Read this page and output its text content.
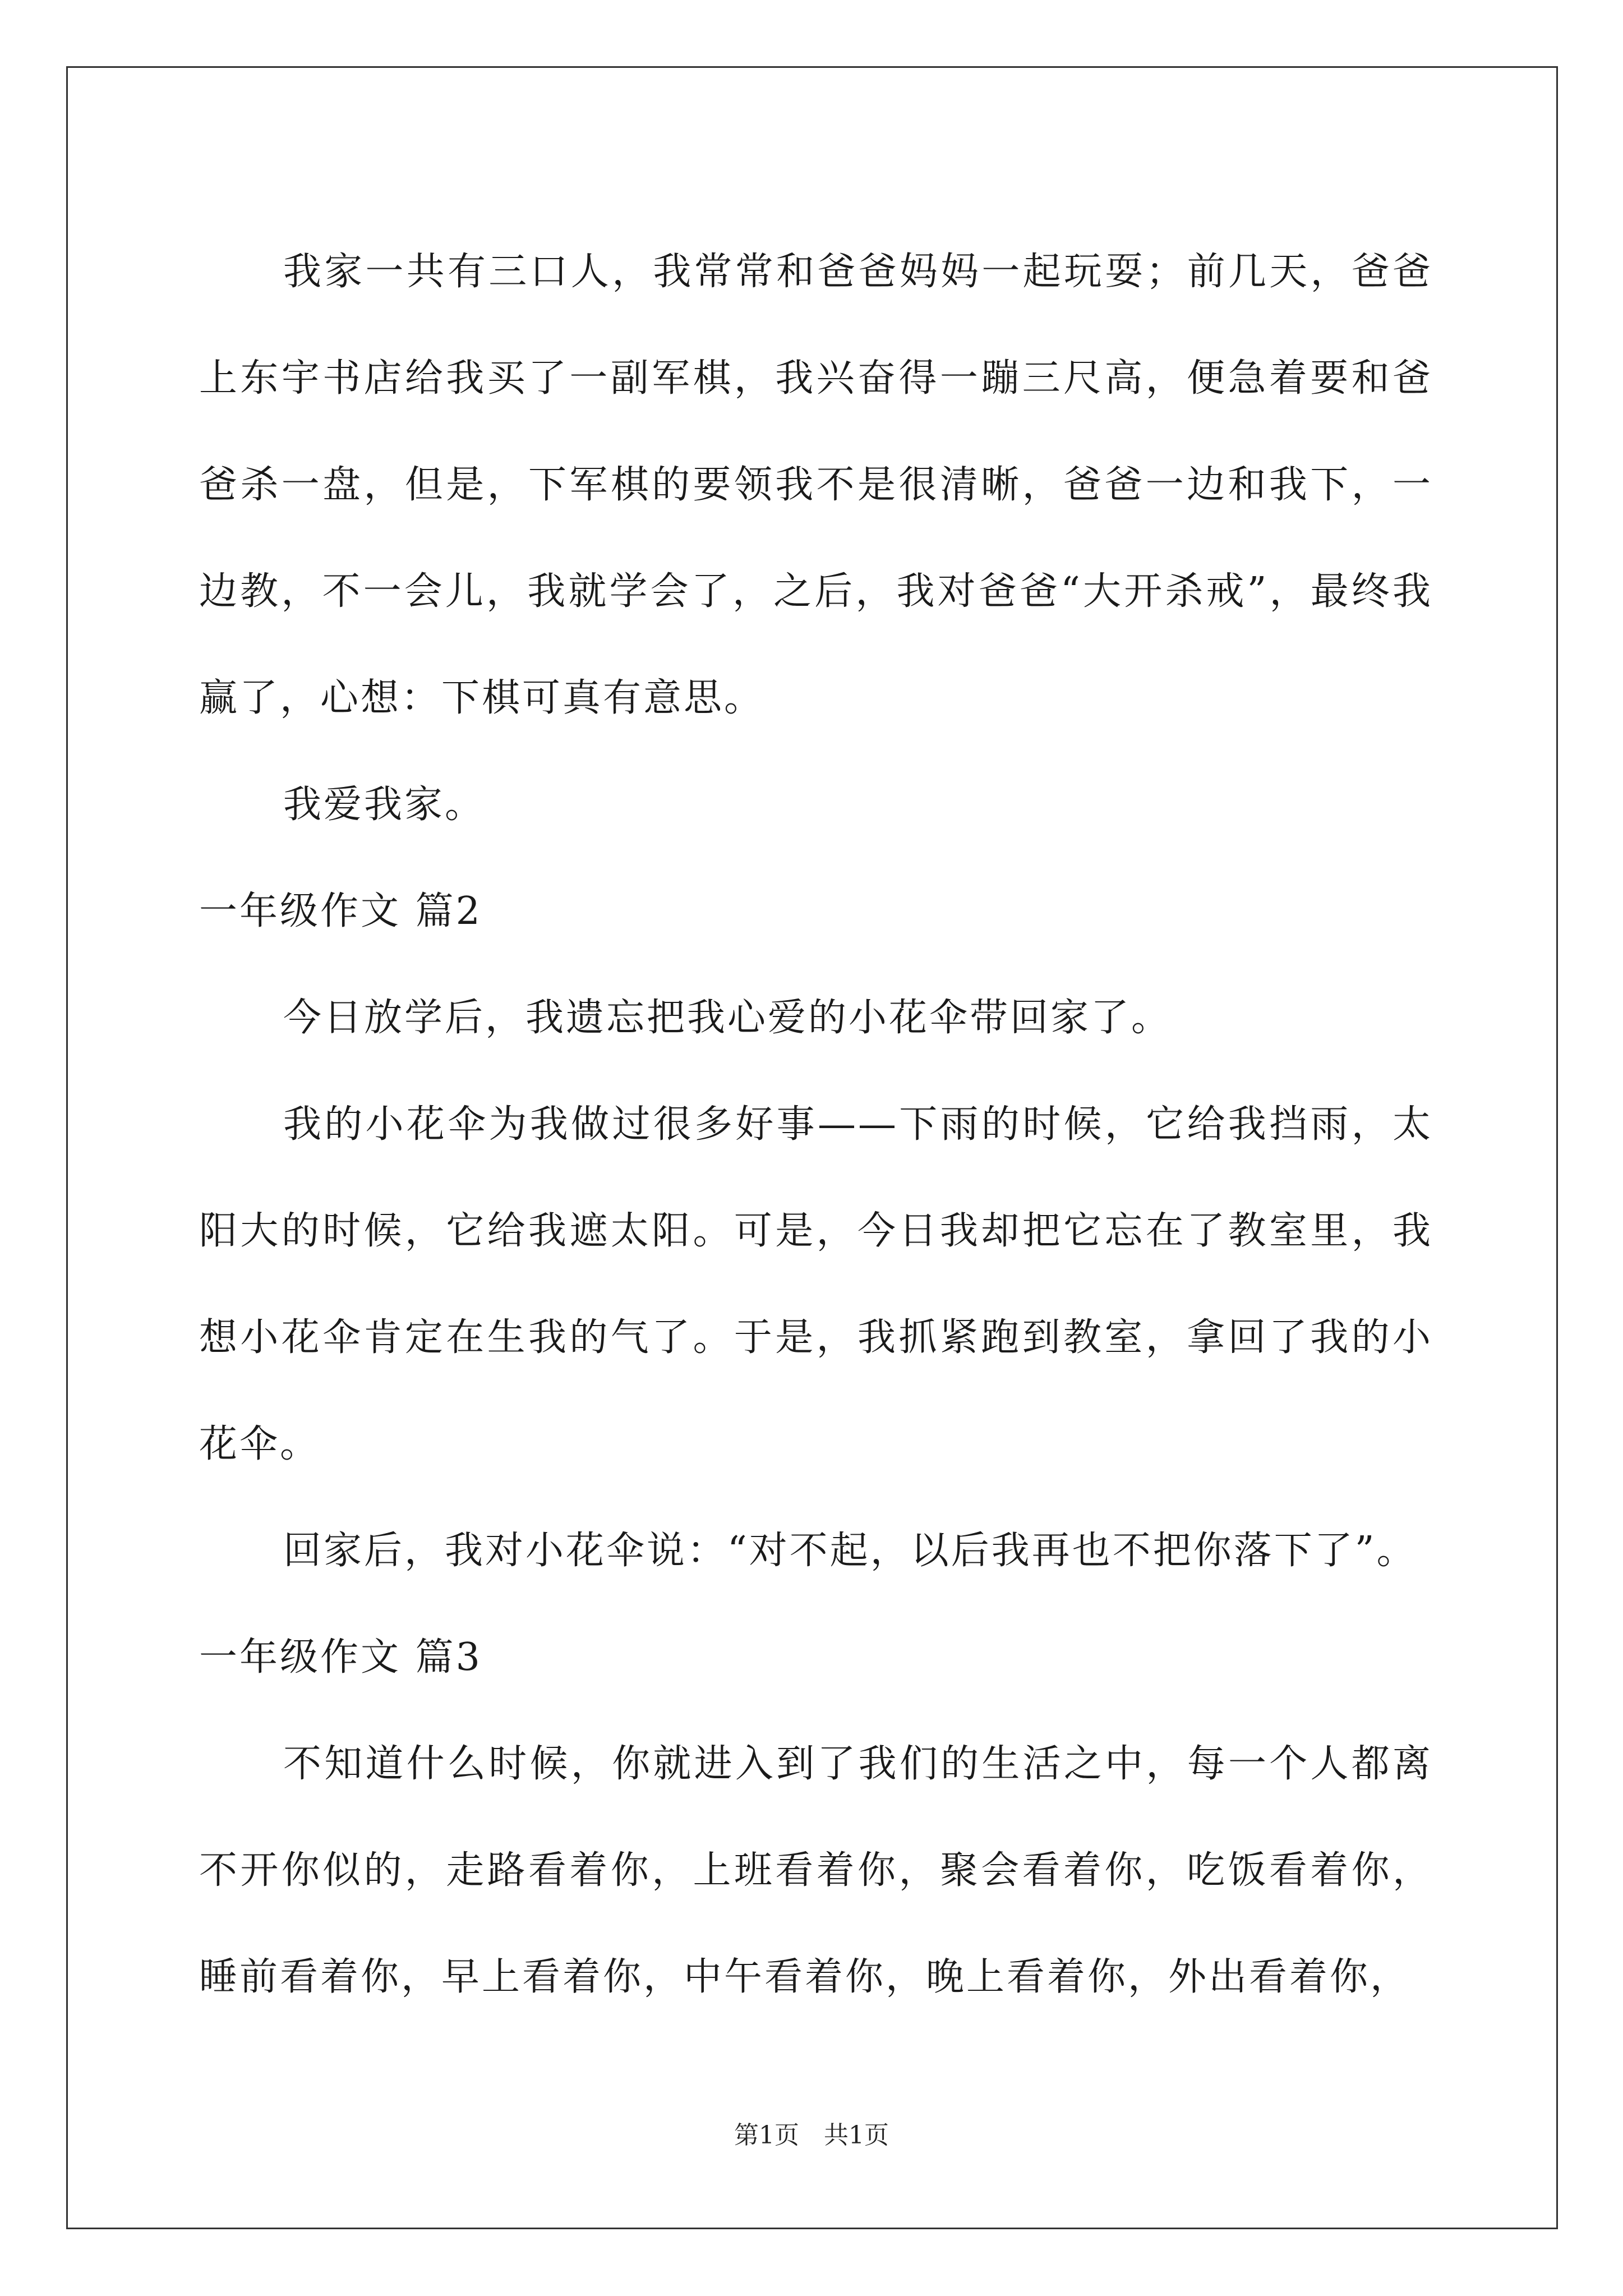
我家一共有三口人，我常常和爸爸妈妈一起玩耍；前几天，爸爸上东宇书店给我买了一副军棋，我兴奋得一蹦三尺高，便急着要和爸爸杀一盘，但是，下军棋的要领我不是很清晰，爸爸一边和我下，一边教，不一会儿，我就学会了，之后，我对爸爸“大开杀戒”，最终我赢了，心想：下棋可真有意思。

我爱我家。

一年级作文 篇2

今日放学后，我遗忘把我心爱的小花伞带回家了。

我的小花伞为我做过很多好事——下雨的时候，它给我挡雨，太阳大的时候，它给我遮太阳。可是，今日我却把它忘在了教室里，我想小花伞肯定在生我的气了。于是，我抓紧跑到教室，拿回了我的小花伞。

回家后，我对小花伞说：“对不起，以后我再也不把你落下了”。

一年级作文 篇3

不知道什么时候，你就进入到了我们的生活之中，每一个人都离不开你似的，走路看着你，上班看着你，聚会看着你，吃饭看着你，睡前看着你，早上看着你，中午看着你，晚上看着你，外出看着你，

第1页　共1页
